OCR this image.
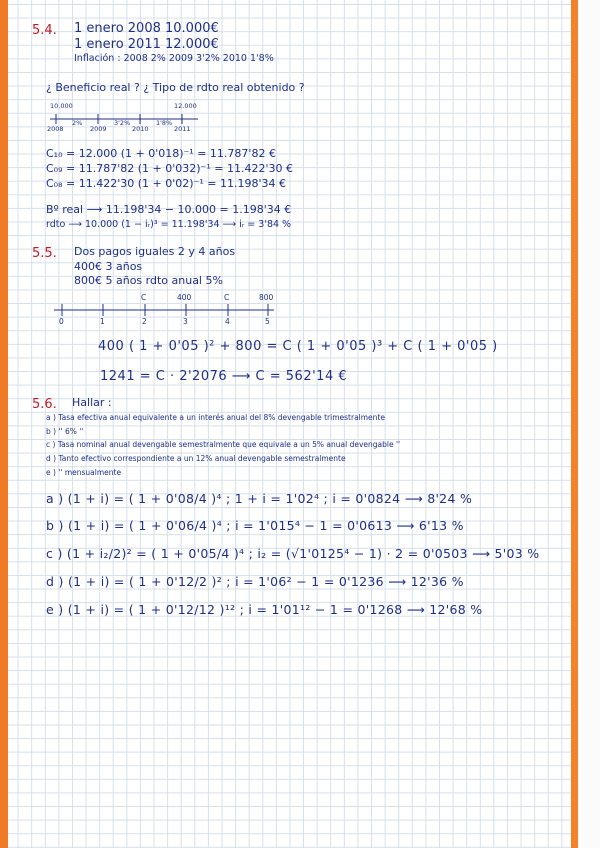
5.4. 1 enero 2008 10.000€
1 enero 2011 12.000€
Inflación : 2008 2% 2009 3'2% 2010 1'8%
¿ Beneficio real ? ¿ Tipo de rdto real obtenido ?
10.000	12.000
2008	2009	2010	2011
2%	3'2%	1'8%
C₁₀ = 12.000 (1 + 0'018)⁻¹ = 11.787'82 €
C₀₉ = 11.787'82 (1 + 0'032)⁻¹ = 11.422'30 €
C₀₈ = 11.422'30 (1 + 0'02)⁻¹ = 11.198'34 €
Bº real ⟶ 11.198'34 − 10.000 = 1.198'34 €
rdto ⟶ 10.000 (1 − iᵣ)³ = 11.198'34 ⟶ iᵣ = 3'84 %
5.5. Dos pagos iguales 2 y 4 años
400€ 3 años
800€ 5 años rdto anual 5%
C	400	C	800
0	1	2	3	4	5
400 ( 1 + 0'05 )² + 800 = C ( 1 + 0'05 )³ + C ( 1 + 0'05 )
1241 = C · 2'2076 ⟶ C = 562'14 €
5.6. Hallar :
a ) Tasa efectiva anual equivalente a un interés anual del 8% devengable trimestralmente
b ) '' 6% ''
c ) Tasa nominal anual devengable semestralmente que equivale a un 5% anual devengable ''
d ) Tanto efectivo correspondiente a un 12% anual devengable semestralmente
e ) '' mensualmente
a ) (1 + i) = ( 1 + 0'08/4 )⁴ ; 1 + i = 1'02⁴ ; i = 0'0824 ⟶ 8'24 %
b ) (1 + i) = ( 1 + 0'06/4 )⁴ ; i = 1'015⁴ − 1 = 0'0613 ⟶ 6'13 %
c ) (1 + i₂/2)² = ( 1 + 0'05/4 )⁴ ; i₂ = (√1'0125⁴ − 1) · 2 = 0'0503 ⟶ 5'03 %
d ) (1 + i) = ( 1 + 0'12/2 )² ; i = 1'06² − 1 = 0'1236 ⟶ 12'36 %
e ) (1 + i) = ( 1 + 0'12/12 )¹² ; i = 1'01¹² − 1 = 0'1268 ⟶ 12'68 %
